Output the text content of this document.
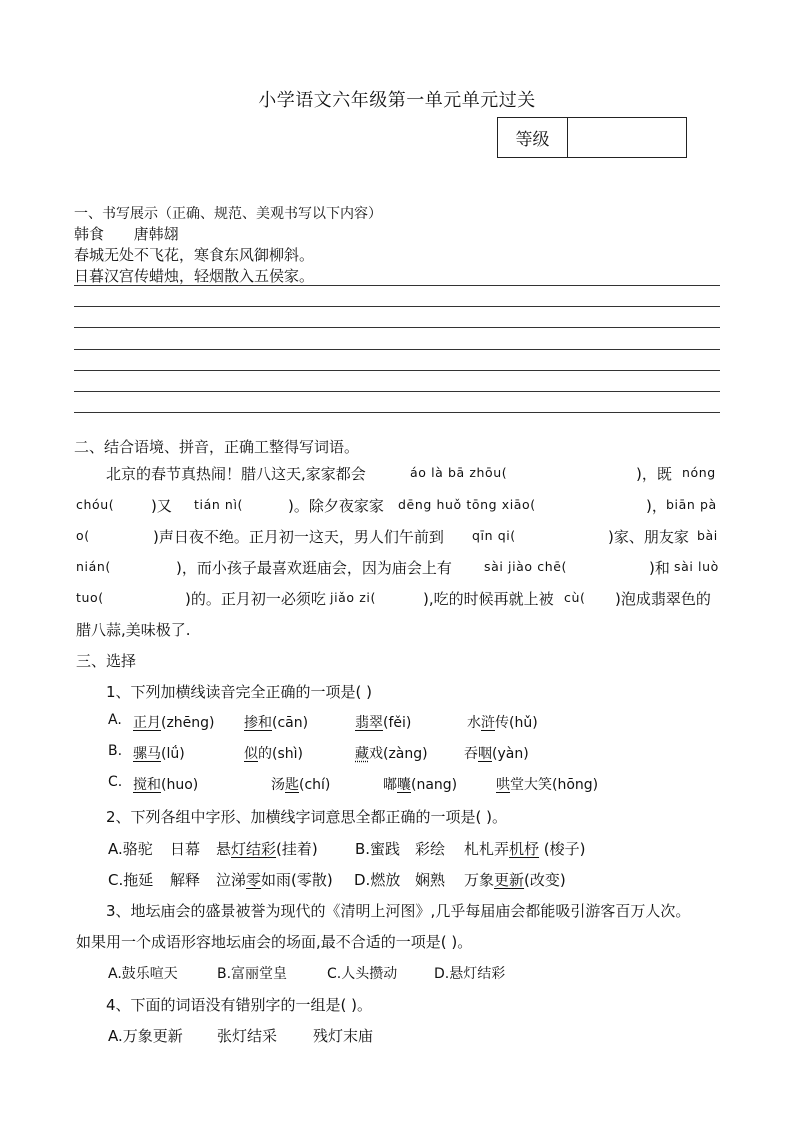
小学语文六年级第一单元单元过关
等级
一、书写展示（正确、规范、美观书写以下内容）
韩食 唐韩翃
春城无处不飞花，寒食东风御柳斜。
日暮汉宫传蜡烛，轻烟散入五侯家。
二、结合语境、拼音，正确工整得写词语。
北京的春节真热闹！腊八这天,家家都会	áo là bā zhōu(	)，既 nóng
chóu( )又 tián nì(	)。除夕夜家家 dēng huǒ tōng xiāo(	)， biān pà
o(	)声日夜不绝。正月初一这天，男人们午前到 qīn qi(	)家、朋友家 bài
nián(	)，而小孩子最喜欢逛庙会，因为庙会上有	sài jiào chē(	)和 sài luò
tuo(	)的。正月初一必须吃 jiǎo zi(	),吃的时候再就上被 cù( )泡成翡翠色的
腊八蒜,美味极了.
三、选择
1、下列加横线读音完全正确的一项是( )
A. 正月(zhēng) 掺和(cān)	翡翠(fěi)	水浒传(hǔ)
B. 骡马(lǘ)	似的(shì)	藏戏(zàng)	吞咽(yàn)
C. 搅和(huo)	汤匙(chí)	嘟囔(nang)	哄堂大笑(hōng)
2、下列各组中字形、加横线字词意思全都正确的一项是( )。
A.骆驼 日幕 悬灯结彩(挂着) B.蜜践 彩绘 札札弄机杼 (梭子)
C.拖延 解释 泣涕零如雨(零散) D.燃放 娴熟 万象更新(改变)
3、地坛庙会的盛景被誉为现代的《清明上河图》,几乎每届庙会都能吸引游客百万人次。
如果用一个成语形容地坛庙会的场面,最不合适的一项是( )。
A.鼓乐喧天	B.富丽堂皇	C.人头攒动	D.悬灯结彩
4、下面的词语没有错别字的一组是( )。
A.万象更新 张灯结采 残灯末庙
